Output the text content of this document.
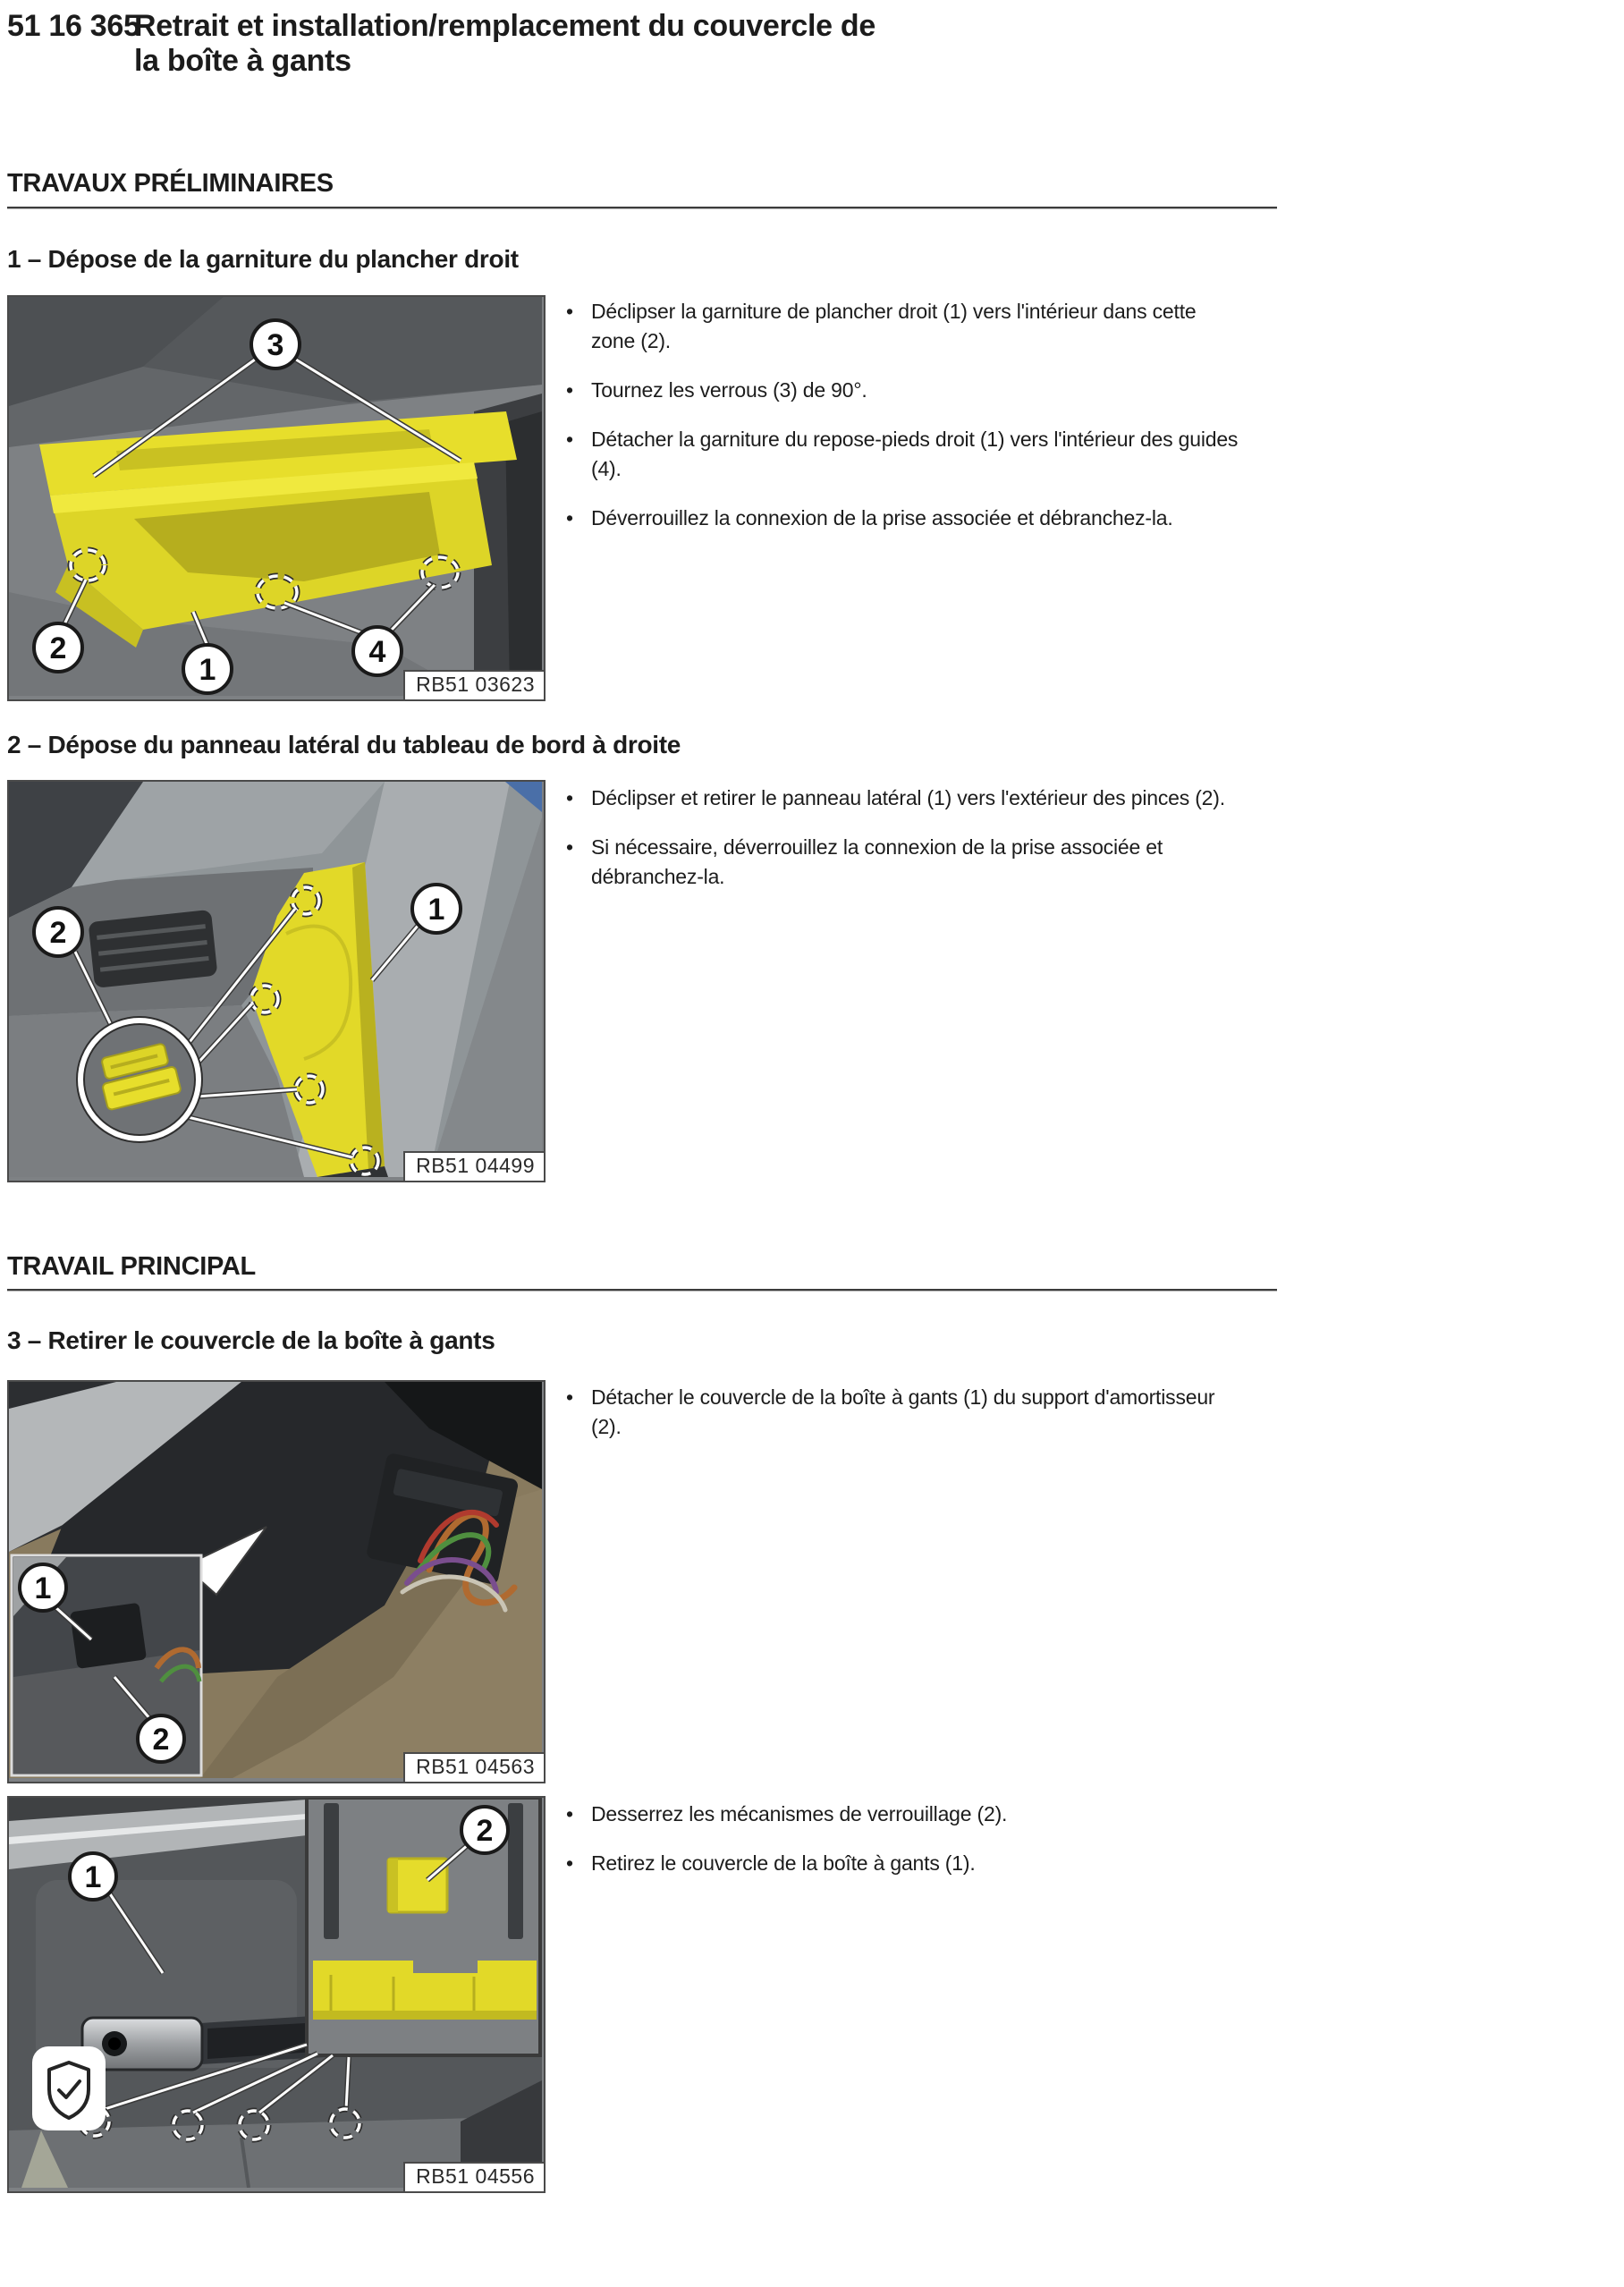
51 16 365
Retrait et installation/remplacement du couvercle de
la boîte à gants
TRAVAUX PRÉLIMINAIRES
1 – Dépose de la garniture du plancher droit
3
2
1
4
RB51 03623
• Déclipser la garniture de plancher droit (1) vers l'intérieur dans cette zone (2).
• Tournez les verrous (3) de 90°.
• Détacher la garniture du repose-pieds droit (1) vers l'intérieur des guides (4).
• Déverrouillez la connexion de la prise associée et débranchez-la.
2 – Dépose du panneau latéral du tableau de bord à droite
2
1
RB51 04499
• Déclipser et retirer le panneau latéral (1) vers l'extérieur des pinces (2).
• Si nécessaire, déverrouillez la connexion de la prise associée et débranchez-la.
TRAVAIL PRINCIPAL
3 – Retirer le couvercle de la boîte à gants
1
2
RB51 04563
• Détacher le couvercle de la boîte à gants (1) du support d'amortisseur (2).
2
1
RB51 04556
• Desserrez les mécanismes de verrouillage (2).
• Retirez le couvercle de la boîte à gants (1).
